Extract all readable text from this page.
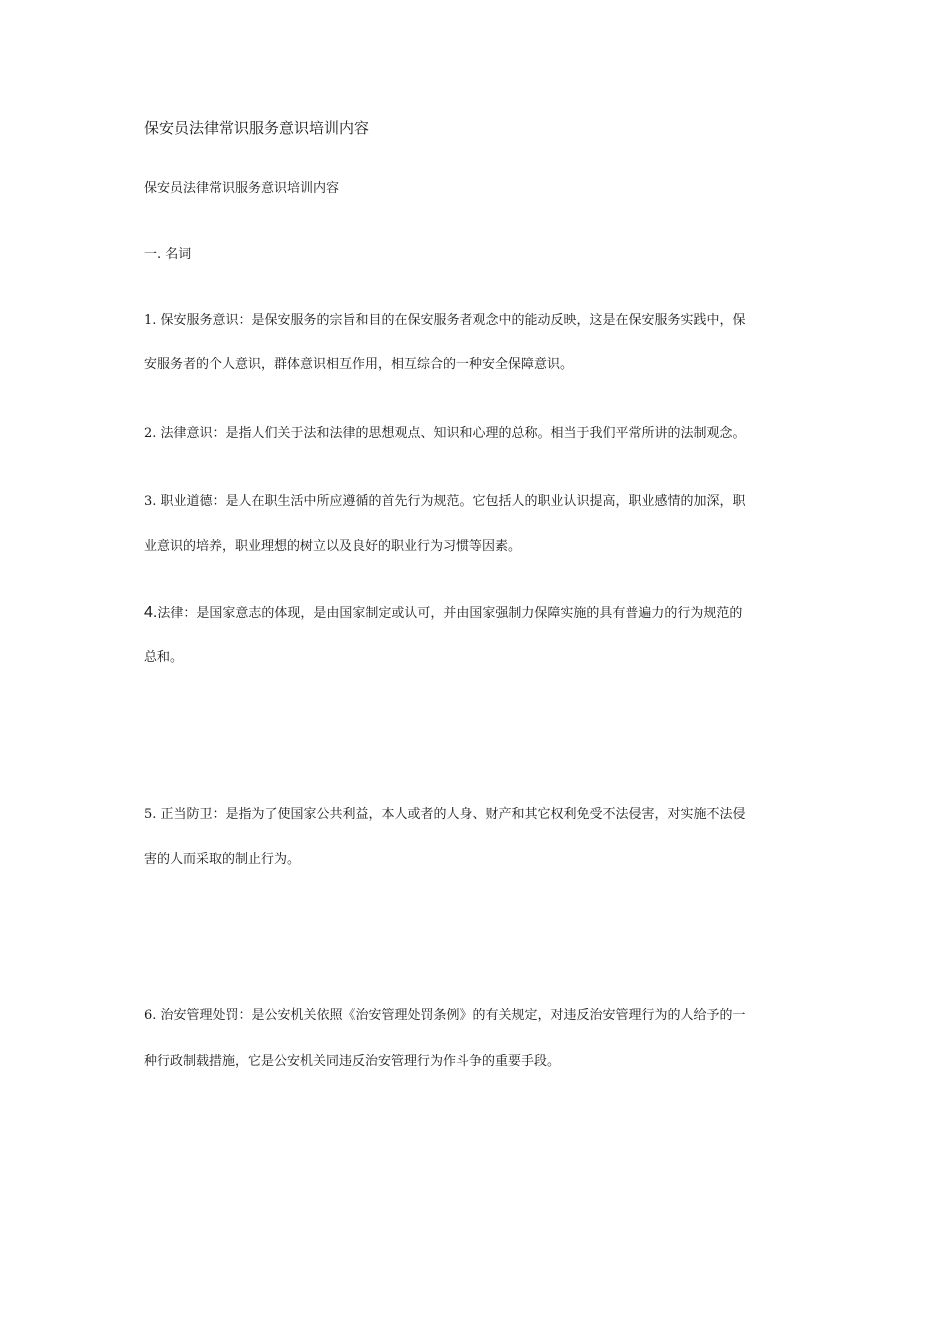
保安员法律常识服务意识培训内容

保安员法律常识服务意识培训内容

一. 名词

1. 保安服务意识：是保安服务的宗旨和目的在保安服务者观念中的能动反映，这是在保安服务实践中，保

安服务者的个人意识，群体意识相互作用，相互综合的一种安全保障意识。

2. 法律意识：是指人们关于法和法律的思想观点、知识和心理的总称。相当于我们平常所讲的法制观念。

3. 职业道德：是人在职生活中所应遵循的首先行为规范。它包括人的职业认识提高，职业感情的加深，职

业意识的培养，职业理想的树立以及良好的职业行为习惯等因素。

4.法律：是国家意志的体现，是由国家制定或认可，并由国家强制力保障实施的具有普遍力的行为规范的

总和。

5. 正当防卫：是指为了使国家公共利益，本人或者的人身、财产和其它权利免受不法侵害，对实施不法侵

害的人而采取的制止行为。

6. 治安管理处罚：是公安机关依照《治安管理处罚条例》的有关规定，对违反治安管理行为的人给予的一

种行政制载措施，它是公安机关同违反治安管理行为作斗争的重要手段。
